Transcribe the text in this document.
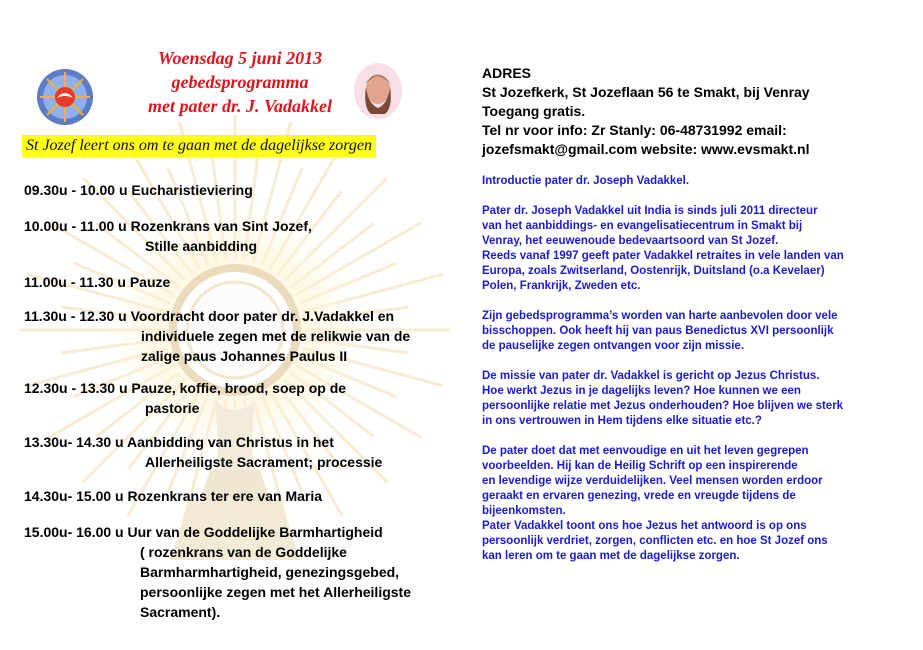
Woensdag 5 juni 2013
gebedsprogramma
met pater dr. J. Vadakkel
St Jozef leert ons om te gaan met de dagelijkse zorgen
09.30u - 10.00 u Eucharistieviering
10.00u - 11.00 u Rozenkrans van Sint Jozef,
Stille aanbidding
11.00u - 11.30 u Pauze
11.30u - 12.30 u Voordracht door pater dr. J.Vadakkel en
individuele zegen met de relikwie van de
zalige paus Johannes Paulus II
12.30u - 13.30 u Pauze, koffie, brood, soep op de
pastorie
13.30u- 14.30 u Aanbidding van Christus in het
Allerheiligste Sacrament; processie
14.30u- 15.00 u Rozenkrans ter ere van Maria
15.00u- 16.00 u Uur van de Goddelijke Barmhartigheid
( rozenkrans van de Goddelijke
Barmharmhartigheid, genezingsgebed,
persoonlijke zegen met het Allerheiligste
Sacrament).
ADRES
St Jozefkerk, St Jozeflaan 56 te Smakt, bij Venray
Toegang gratis.
Tel nr voor info: Zr Stanly: 06-48731992 email:
jozefsmakt@gmail.com website: www.evsmakt.nl

Introductie pater dr. Joseph Vadakkel.

Pater dr. Joseph Vadakkel uit India is sinds juli 2011 directeur
van het aanbiddings- en evangelisatiecentrum in Smakt bij
Venray, het eeuwenoude bedevaartsoord van St Jozef.
Reeds vanaf 1997 geeft pater Vadakkel retraites in vele landen van
Europa, zoals Zwitserland, Oostenrijk, Duitsland (o.a Kevelaer)
Polen, Frankrijk, Zweden etc.

Zijn gebedsprogramma’s worden van harte aanbevolen door vele
bisschoppen. Ook heeft hij van paus Benedictus XVI persoonlijk
de pauselijke zegen ontvangen voor zijn missie.

De missie van pater dr. Vadakkel is gericht op Jezus Christus.
Hoe werkt Jezus in je dagelijks leven? Hoe kunnen we een
persoonlijke relatie met Jezus onderhouden? Hoe blijven we sterk
in ons vertrouwen in Hem tijdens elke situatie etc.?

De pater doet dat met eenvoudige en uit het leven gegrepen
voorbeelden. Hij kan de Heilig Schrift op een inspirerende
en levendige wijze verduidelijken. Veel mensen worden erdoor
geraakt en ervaren genezing, vrede en vreugde tijdens de
bijeenkomsten.
Pater Vadakkel toont ons hoe Jezus het antwoord is op ons
persoonlijk verdriet, zorgen, conflicten etc. en hoe St Jozef ons
kan leren om te gaan met de dagelijkse zorgen.
